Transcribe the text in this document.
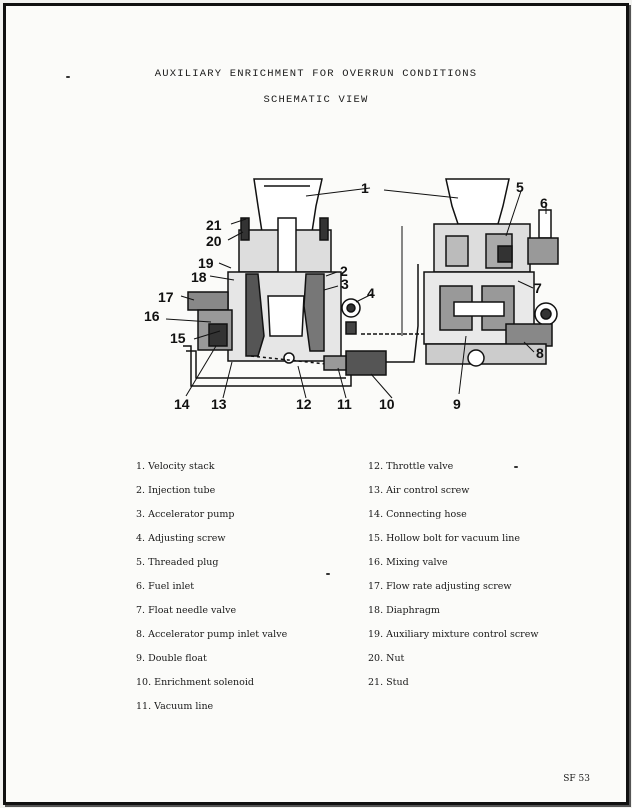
AUXILIARY ENRICHMENT FOR OVERRUN CONDITIONS
SCHEMATIC VIEW
1
2
3
4
5
6
7
8
9
10
11
12
13
14
15
16
17
18
19
20
21
1. Velocity stack
2. Injection tube
3. Accelerator pump
4. Adjusting screw
5. Threaded plug
6. Fuel inlet
7. Float needle valve
8. Accelerator pump inlet valve
9. Double float
10. Enrichment solenoid
11. Vacuum line
12. Throttle valve
13. Air control screw
14. Connecting hose
15. Hollow bolt for vacuum line
16. Mixing valve
17. Flow rate adjusting screw
18. Diaphragm
19. Auxiliary mixture control screw
20. Nut
21. Stud
SF 53
